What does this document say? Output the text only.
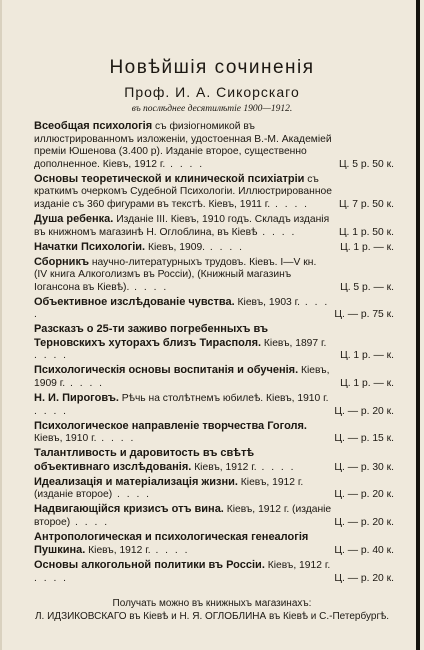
Новѣйшiя сочиненiя
Проф. И. А. Сикорскаго
въ послѣднее десятилѣтіе 1900—1912.
Всеобщая психологія съ физіогномикой въ иллюстрированномъ изложеніи, удостоенная В.-М. Академіей преміи Юшенова (3.400 р). Изданіе второе, существенно дополненное. Кіевъ, 1912 г. . . . .	Ц. 5 р. 50 к.
Основы теоретической и клинической психіатріи съ краткимъ очеркомъ Судебной Психологіи. Иллюстрированное изданіе съ 360 фигурами въ текстѣ. Кіевъ, 1911 г. . . . .	Ц. 7 р. 50 к.
Душа ребенка. Изданіе III. Кіевъ, 1910 годъ. Складъ изданія въ книжномъ магазинѣ Н. Оглоблина, въ Кіевѣ . . . .	Ц. 1 р. 50 к.
Начатки Психологіи. Кіевъ, 1909. . . . .	Ц. 1 р. — к.
Сборникъ научно-литературныхъ трудовъ. Кіевъ. I—V кн. (IV книга Алкоголизмъ въ Россіи), (Книжный магазинъ Іогансона въ Кіевѣ). . . . .	Ц. 5 р. — к.
Объективное изслѣдованіе чувства. Кіевъ, 1903 г. . . . .	Ц. — р. 75 к.
Разсказъ о 25-ти заживо погребенныхъ въ Терновскихъ хуторахъ близъ Тирасполя. Кіевъ, 1897 г. . . . .	Ц. 1 р. — к.
Психологическія основы воспитанія и обученія. Кіевъ, 1909 г. . . . .	Ц. 1 р. — к.
Н. И. Пироговъ. Рѣчь на столѣтнемъ юбилеѣ. Кіевъ, 1910 г. . . . .	Ц. — р. 20 к.
Психологическое направленіе творчества Гоголя. Кіевъ, 1910 г. . . . .	Ц. — р. 15 к.
Талантливость и даровитость въ свѣтѣ объективнаго изслѣдованія. Кіевъ, 1912 г. . . . .	Ц. — р. 30 к.
Идеализація и матеріализація жизни. Кіевъ, 1912 г. (изданіе второе) . . . .	Ц. — р. 20 к.
Надвигающійся кризисъ отъ вина. Кіевъ, 1912 г. (изданіе второе) . . . .	Ц. — р. 20 к.
Антропологическая и психологическая генеалогія Пушкина. Кіевъ, 1912 г. . . . .	Ц. — р. 40 к.
Основы алкогольной политики въ Россіи. Кіевъ, 1912 г. . . . .	Ц. — р. 20 к.
Получать можно въ книжныхъ магазинахъ:
Л. ИДЗИКОВСКАГО въ Кіевѣ и Н. Я. ОГЛОБЛИНА въ Кіевѣ и С.-Петербургѣ.
